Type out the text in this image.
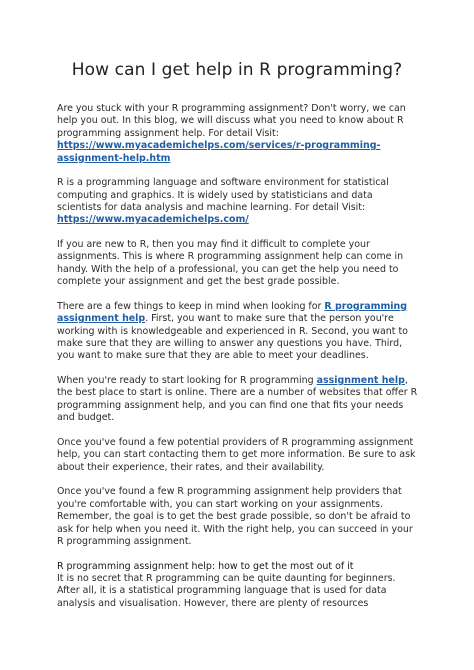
How can I get help in R programming?

Are you stuck with your R programming assignment? Don't worry, we can help you out. In this blog, we will discuss what you need to know about R programming assignment help. For detail Visit: https://www.myacademichelps.com/services/r-programming-assignment-help.htm

R is a programming language and software environment for statistical computing and graphics. It is widely used by statisticians and data scientists for data analysis and machine learning. For detail Visit: https://www.myacademichelps.com/

If you are new to R, then you may find it difficult to complete your assignments. This is where R programming assignment help can come in handy. With the help of a professional, you can get the help you need to complete your assignment and get the best grade possible.

There are a few things to keep in mind when looking for R programming assignment help. First, you want to make sure that the person you're working with is knowledgeable and experienced in R. Second, you want to make sure that they are willing to answer any questions you have. Third, you want to make sure that they are able to meet your deadlines.

When you're ready to start looking for R programming assignment help, the best place to start is online. There are a number of websites that offer R programming assignment help, and you can find one that fits your needs and budget.

Once you've found a few potential providers of R programming assignment help, you can start contacting them to get more information. Be sure to ask about their experience, their rates, and their availability.

Once you've found a few R programming assignment help providers that you're comfortable with, you can start working on your assignments. Remember, the goal is to get the best grade possible, so don't be afraid to ask for help when you need it. With the right help, you can succeed in your R programming assignment.

R programming assignment help: how to get the most out of it

It is no secret that R programming can be quite daunting for beginners. After all, it is a statistical programming language that is used for data analysis and visualisation. However, there are plenty of resources
